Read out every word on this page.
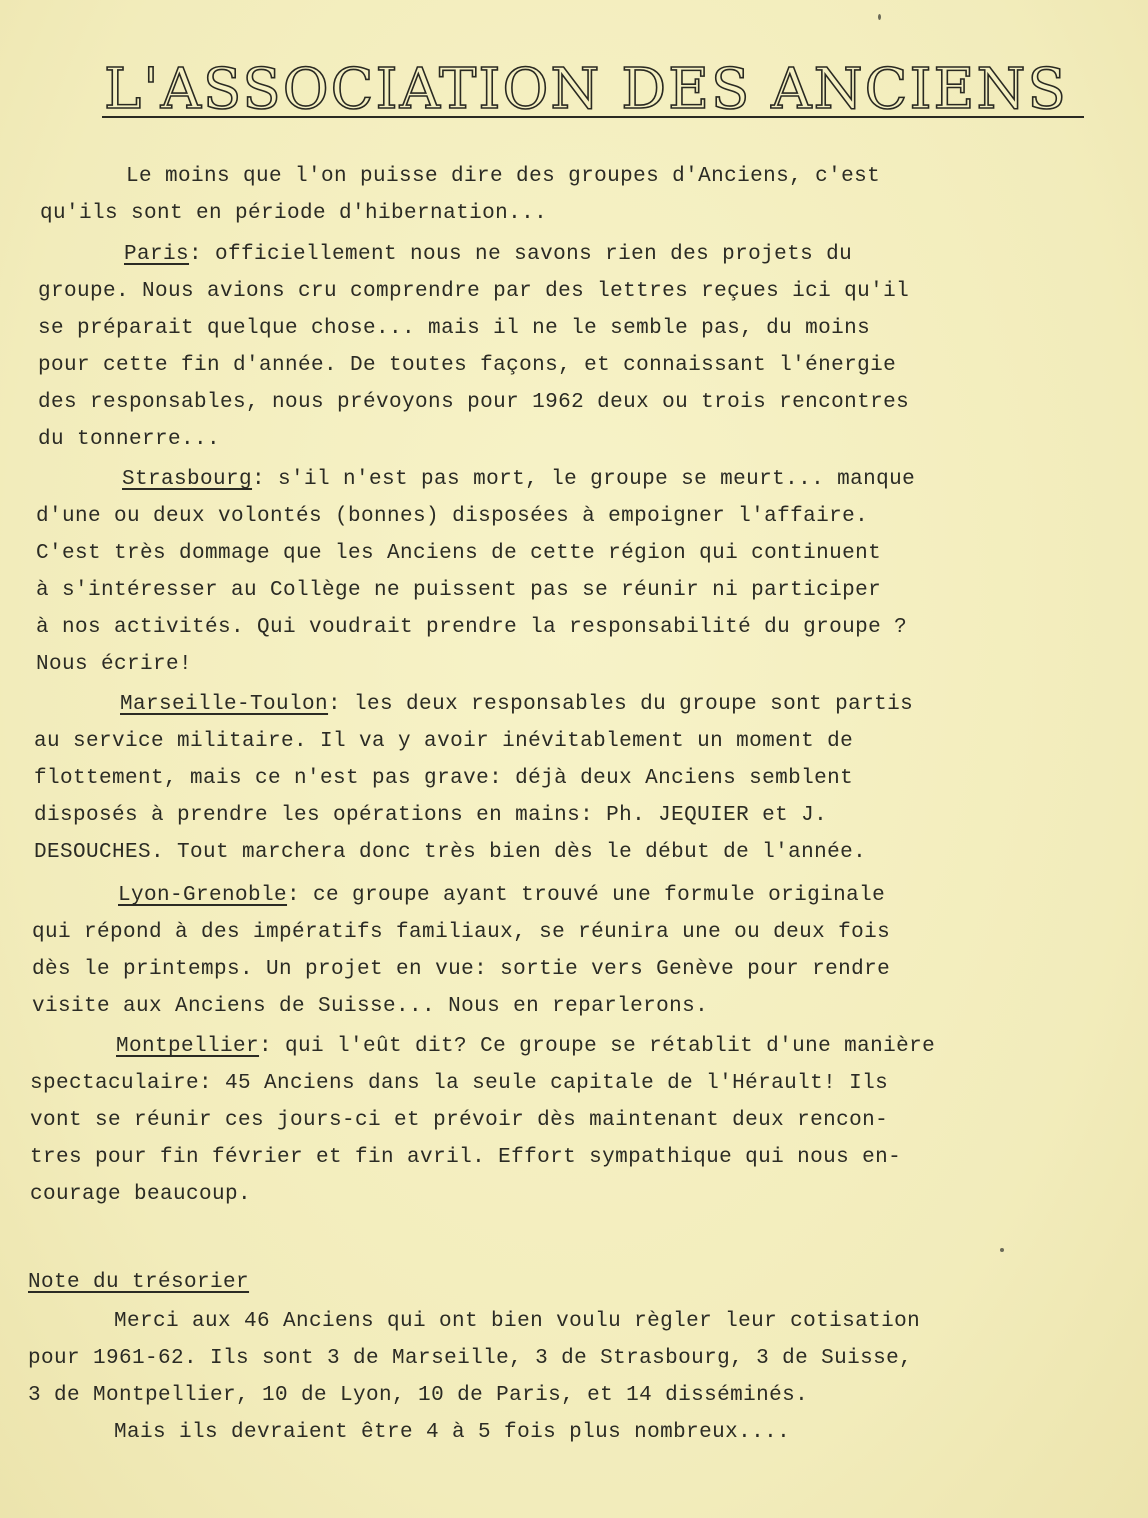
L'ASSOCIATION DES ANCIENS
Le moins que l'on puisse dire des groupes d'Anciens, c'est
qu'ils sont en période d'hibernation...
Paris: officiellement nous ne savons rien des projets du
groupe. Nous avions cru comprendre par des lettres reçues ici qu'il
se préparait quelque chose... mais il ne le semble pas, du moins
pour cette fin d'année. De toutes façons, et connaissant l'énergie
des responsables, nous prévoyons pour 1962 deux ou trois rencontres
du tonnerre...
Strasbourg: s'il n'est pas mort, le groupe se meurt... manque
d'une ou deux volontés (bonnes) disposées à empoigner l'affaire.
C'est très dommage que les Anciens de cette région qui continuent
à s'intéresser au Collège ne puissent pas se réunir ni participer
à nos activités. Qui voudrait prendre la responsabilité du groupe ?
Nous écrire!
Marseille-Toulon: les deux responsables du groupe sont partis
au service militaire. Il va y avoir inévitablement un moment de
flottement, mais ce n'est pas grave: déjà deux Anciens semblent
disposés à prendre les opérations en mains: Ph. JEQUIER et J.
DESOUCHES. Tout marchera donc très bien dès le début de l'année.
Lyon-Grenoble: ce groupe ayant trouvé une formule originale
qui répond à des impératifs familiaux, se réunira une ou deux fois
dès le printemps. Un projet en vue: sortie vers Genève pour rendre
visite aux Anciens de Suisse... Nous en reparlerons.
Montpellier: qui l'eût dit? Ce groupe se rétablit d'une manière
spectaculaire: 45 Anciens dans la seule capitale de l'Hérault! Ils
vont se réunir ces jours-ci et prévoir dès maintenant deux rencon-
tres pour fin février et fin avril. Effort sympathique qui nous en-
courage beaucoup.
Note du trésorier
Merci aux 46 Anciens qui ont bien voulu règler leur cotisation
pour 1961-62. Ils sont 3 de Marseille, 3 de Strasbourg, 3 de Suisse,
3 de Montpellier, 10 de Lyon, 10 de Paris, et 14 disséminés.
Mais ils devraient être 4 à 5 fois plus nombreux....
